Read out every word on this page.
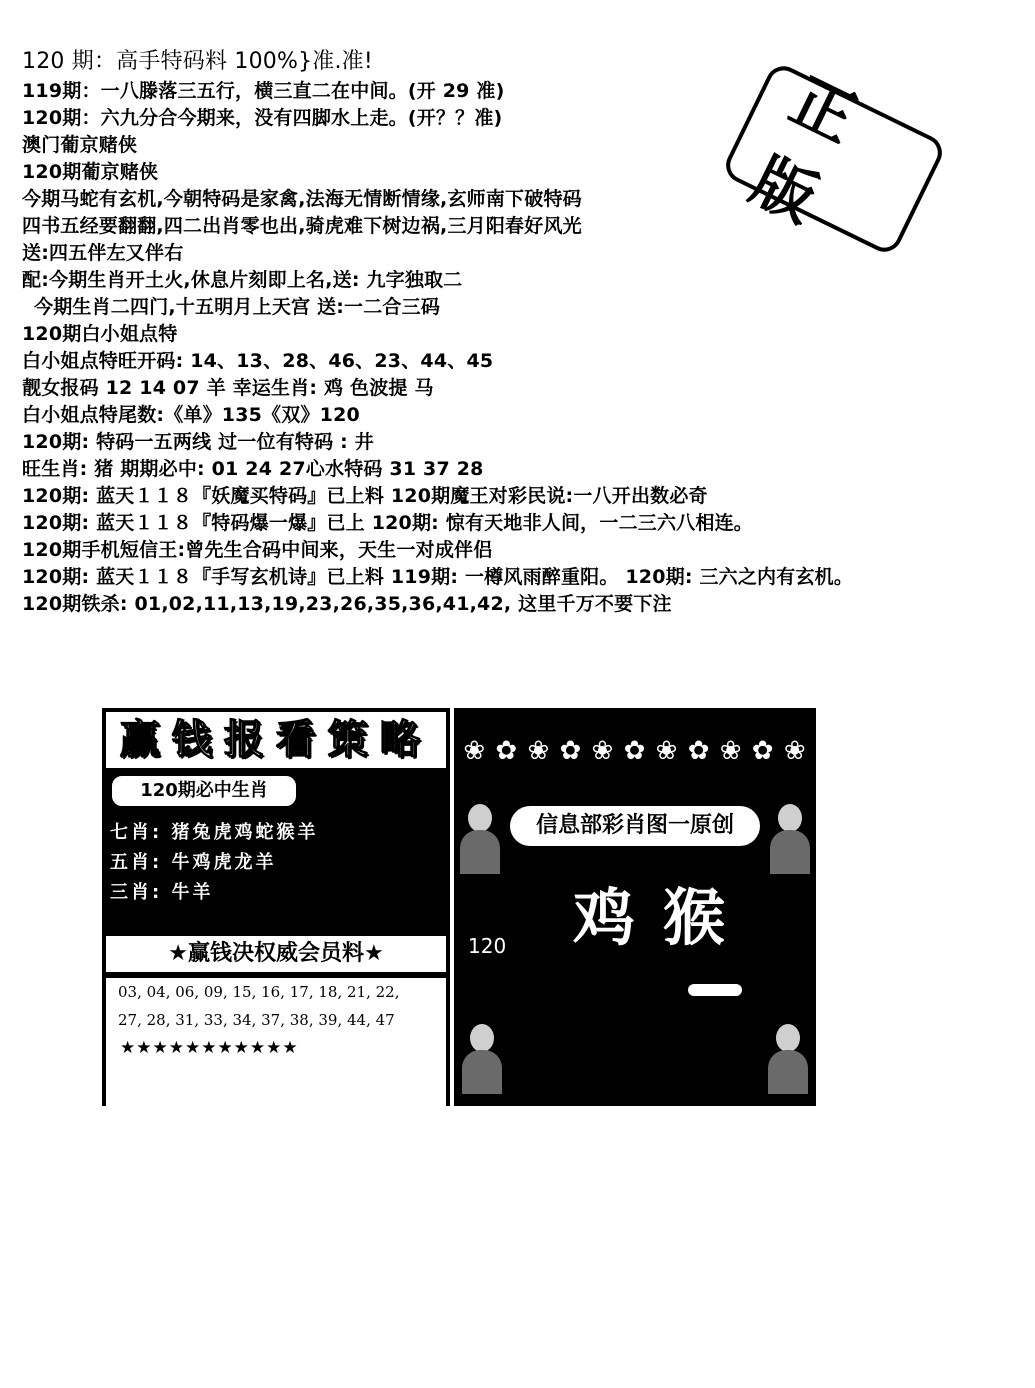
120 期：高手特码料 100%}准.准!
119期：一八滕落三五行，横三直二在中间。(开 29 准)
120期：六九分合今期来，没有四脚水上走。(开？？准)
澳门葡京赌侠
120期葡京赌侠
今期马蛇有玄机,今朝特码是家禽,法海无情断情缘,玄师南下破特码
四书五经要翻翻,四二出肖零也出,骑虎难下树边祸,三月阳春好风光
送:四五伴左又伴右
配:今期生肖开土火,休息片刻即上名,送: 九字独取二
今期生肖二四门,十五明月上天宫 送:一二合三码
120期白小姐点特
白小姐点特旺开码: 14、13、28、46、23、44、45
靓女报码 12 14 07 羊 幸运生肖: 鸡 色波提 马
白小姐点特尾数:《单》135《双》120
120期: 特码一五两线 过一位有特码 : 井
旺生肖: 猪 期期必中: 01 24 27心水特码 31 37 28
120期: 蓝天１１８『妖魔买特码』已上料 120期魔王对彩民说:一八开出数必奇
120期: 蓝天１１８『特码爆一爆』已上 120期: 惊有天地非人间，一二三六八相连。
120期手机短信王:曾先生合码中间来，天生一对成伴侣
120期: 蓝天１１８『手写玄机诗』已上料 119期: 一樽风雨醉重阳。 120期: 三六之内有玄机。
120期铁杀: 01,02,11,13,19,23,26,35,36,41,42, 这里千万不要下注
正版
赢钱报看策略
120期必中生肖
七肖: 猪兔虎鸡蛇猴羊
五肖: 牛鸡虎龙羊
三肖: 牛羊
★赢钱决权威会员料★
03, 04, 06, 09, 15, 16, 17, 18, 21, 22,
27, 28, 31, 33, 34, 37, 38, 39, 44, 47
★★★★★★★★★★★
❀ ✿ ❀ ✿ ❀ ✿ ❀ ✿ ❀ ✿ ❀
信息部彩肖图一原创
鸡猴
120
